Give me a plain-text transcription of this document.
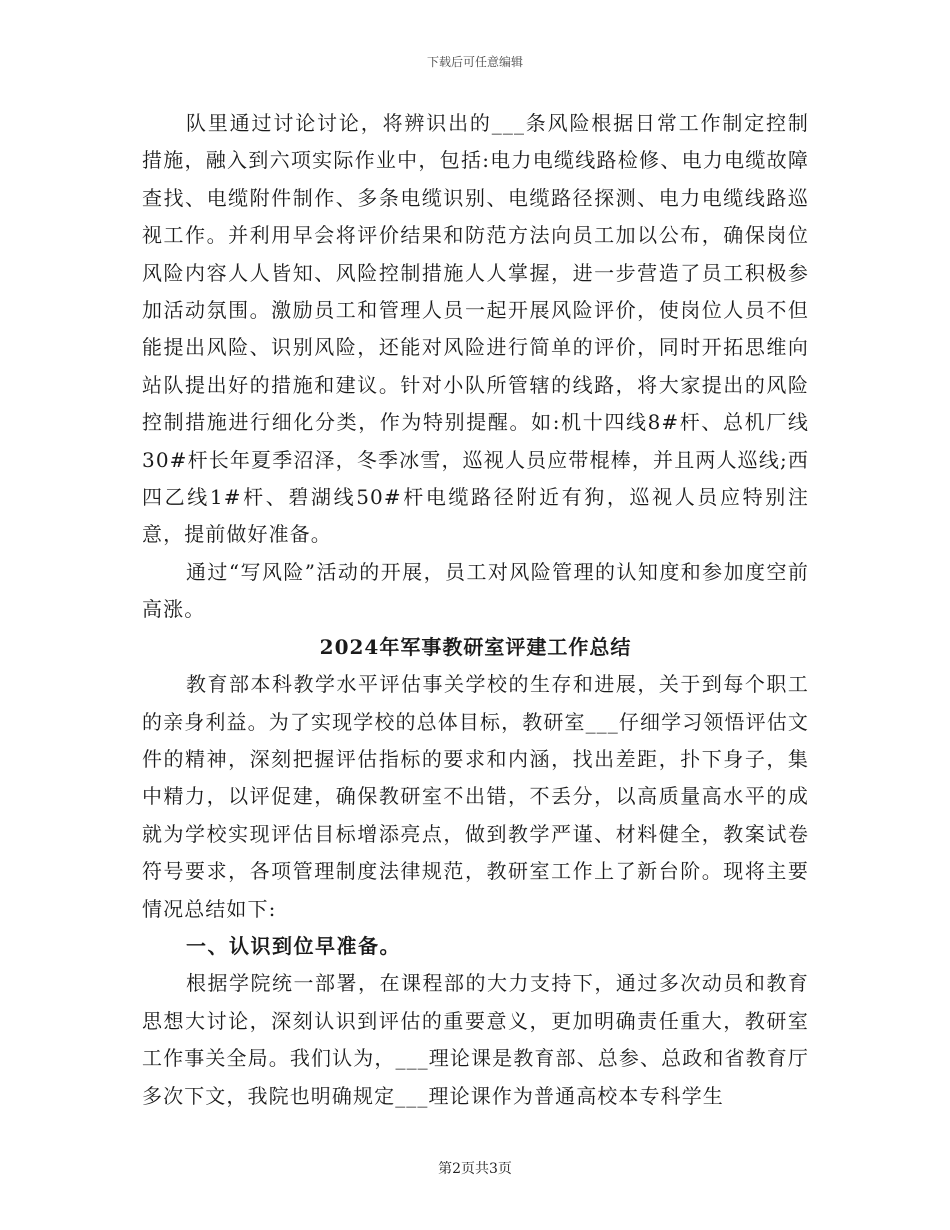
下载后可任意编辑

队里通过讨论讨论，将辨识出的___条风险根据日常工作制定控制措施，融入到六项实际作业中，包括:电力电缆线路检修、电力电缆故障查找、电缆附件制作、多条电缆识别、电缆路径探测、电力电缆线路巡视工作。并利用早会将评价结果和防范方法向员工加以公布，确保岗位风险内容人人皆知、风险控制措施人人掌握，进一步营造了员工积极参加活动氛围。激励员工和管理人员一起开展风险评价，使岗位人员不但能提出风险、识别风险，还能对风险进行简单的评价，同时开拓思维向站队提出好的措施和建议。针对小队所管辖的线路，将大家提出的风险控制措施进行细化分类，作为特别提醒。如:机十四线8#杆、总机厂线30#杆长年夏季沼泽，冬季冰雪，巡视人员应带棍棒，并且两人巡线;西四乙线1#杆、碧湖线50#杆电缆路径附近有狗，巡视人员应特别注意，提前做好准备。

通过“写风险”活动的开展，员工对风险管理的认知度和参加度空前高涨。

2024年军事教研室评建工作总结

教育部本科教学水平评估事关学校的生存和进展，关于到每个职工的亲身利益。为了实现学校的总体目标，教研室___仔细学习领悟评估文件的精神，深刻把握评估指标的要求和内涵，找出差距，扑下身子，集中精力，以评促建，确保教研室不出错，不丢分，以高质量高水平的成就为学校实现评估目标增添亮点，做到教学严谨、材料健全，教案试卷符号要求，各项管理制度法律规范，教研室工作上了新台阶。现将主要情况总结如下:

一、认识到位早准备。

根据学院统一部署，在课程部的大力支持下，通过多次动员和教育思想大讨论，深刻认识到评估的重要意义，更加明确责任重大，教研室工作事关全局。我们认为，___理论课是教育部、总参、总政和省教育厅多次下文，我院也明确规定___理论课作为普通高校本专科学生

第2页共3页
